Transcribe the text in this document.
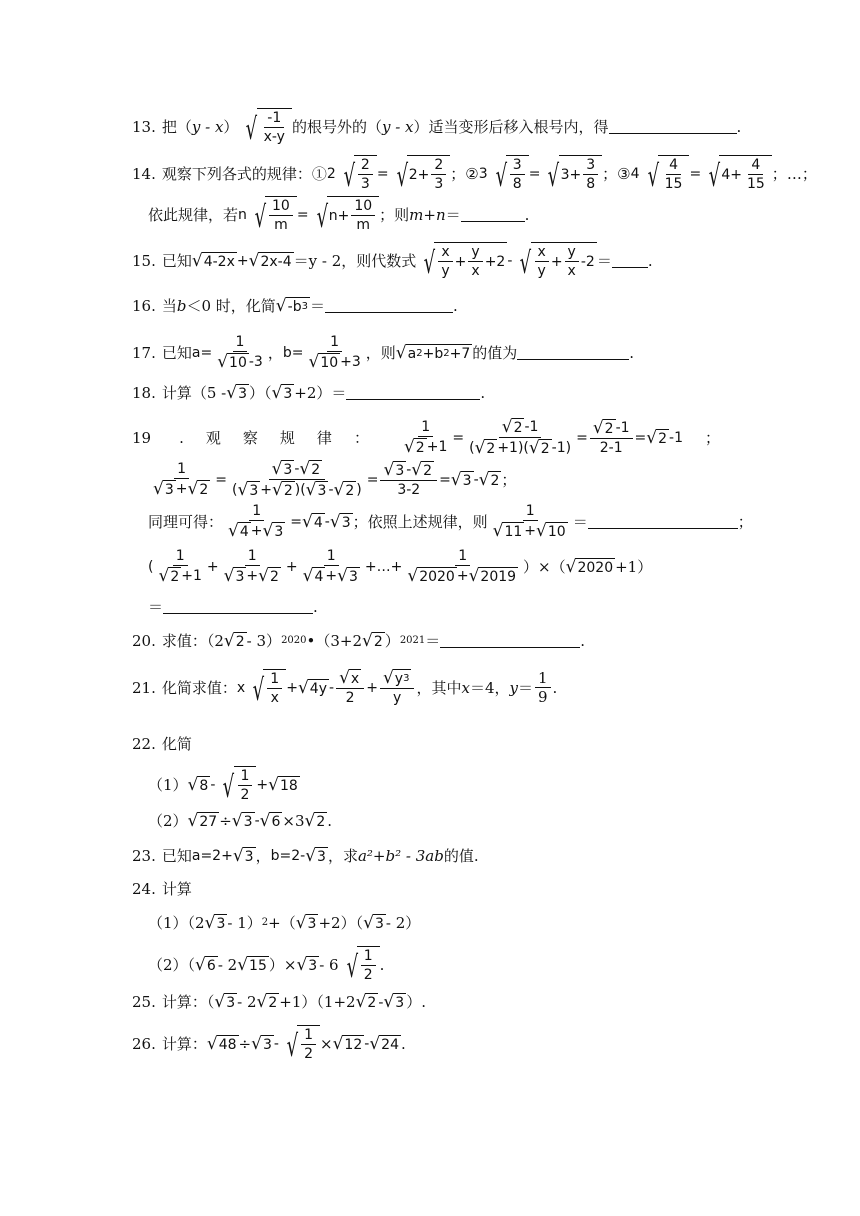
13. 把（ y - x ） √ $\frac{-1}{x-y}$ 的根号外的（ y - x ）适当变形后移入根号内，得	.
14. 观察下列各式的规律：① 2 √ $\frac{2}{3}$ = √ $2+ \frac{2}{3}$ ； ② 3 √ $\frac{3}{8}$ = √ $3+ \frac{3}{8}$ ； ③ 4 √ $\frac{4}{15}$ = √ $4+ \frac{4}{15}$ ； …；
依此规律，若 n √ $\frac{10}{m}$ = √ $n+ \frac{10}{m}$ ；则 m+n ＝	.
15. 已知 √ 4-2x + √ 2x-4 ＝y - 2，则代数式 √ $\frac{x}{y} + \frac{y}{x} +2$ - √ $\frac{x}{y} + \frac{y}{x} -2$ ＝ .
16. 当 b ＜0 时，化简 √ -b 3 ＝	.
17. 已知 $a= \frac{1}{√ 10 -3}$ ， $b= \frac{1}{√ 10 +3}$ ，则 √ a 2 +b 2 +7 的值为	.
18. 计算（5 - √ 3 ）（ √ 3 +2）＝	.
19 . 观 察 规 律 ： $\frac{1}{√ 2 +1} = \frac{√ 2 -1}{( √ 2 +1)( √ 2 -1)} = \frac{√ 2 -1}{2-1}$ = √ 2 -1 ；
$\frac{1}{√ 3 + √ 2} = \frac{√ 3 - √ 2}{( √ 3 + √ 2 )( √ 3 - √ 2 )} = \frac{√ 3 - √ 2}{3-2}$ = √ 3 - √ 2 ；
同理可得： $\frac{1}{√ 4 + √ 3}$ = √ 4 - √ 3 ；依照上述规律，则 $\frac{1}{√ 11 + √ 10}$ ＝	；
( $\frac{1}{√ 2 +1} + \frac{1}{√ 3 + √ 2} + \frac{1}{√ 4 + √ 3}$ +…+ $\frac{1}{√ 2020 + √ 2019}$ ）×（ √ 2020 +1）
＝	.
20. 求值：（2 √ 2 - 3） 2020 •（3+2 √ 2 ） 2021 ＝	.
21. 化简求值： x √ $\frac{1}{x}$ + √ $4y - \frac{√ x}{2} + \frac{√ y 3}{y}$ ，其中 x ＝4， $y = \frac{1}{9}$ .
22. 化简
（1） √ 8 - √ $\frac{1}{2}$ + √ 18
（2） √ 27 ÷ √ 3 - √ 6 ×3 √ 2 .
23. 已知 a=2+ √ 3 ， b=2- √ 3 ，求 a²+b² - 3ab 的值.
24. 计算
（1）（2 √ 3 - 1） 2 +（ √ 3 +2）（ √ 3 - 2）
（2）（ √ 6 - 2 √ 15 ）× √ 3 - 6 √ $\frac{1}{2}$ .
25. 计算：（ √ 3 - 2 √ 2 +1）（1+2 √ 2 - √ 3 ）.
26. 计算： √ 48 ÷ √ 3 - √ $\frac{1}{2}$ × √ 12 - √ 24 .
